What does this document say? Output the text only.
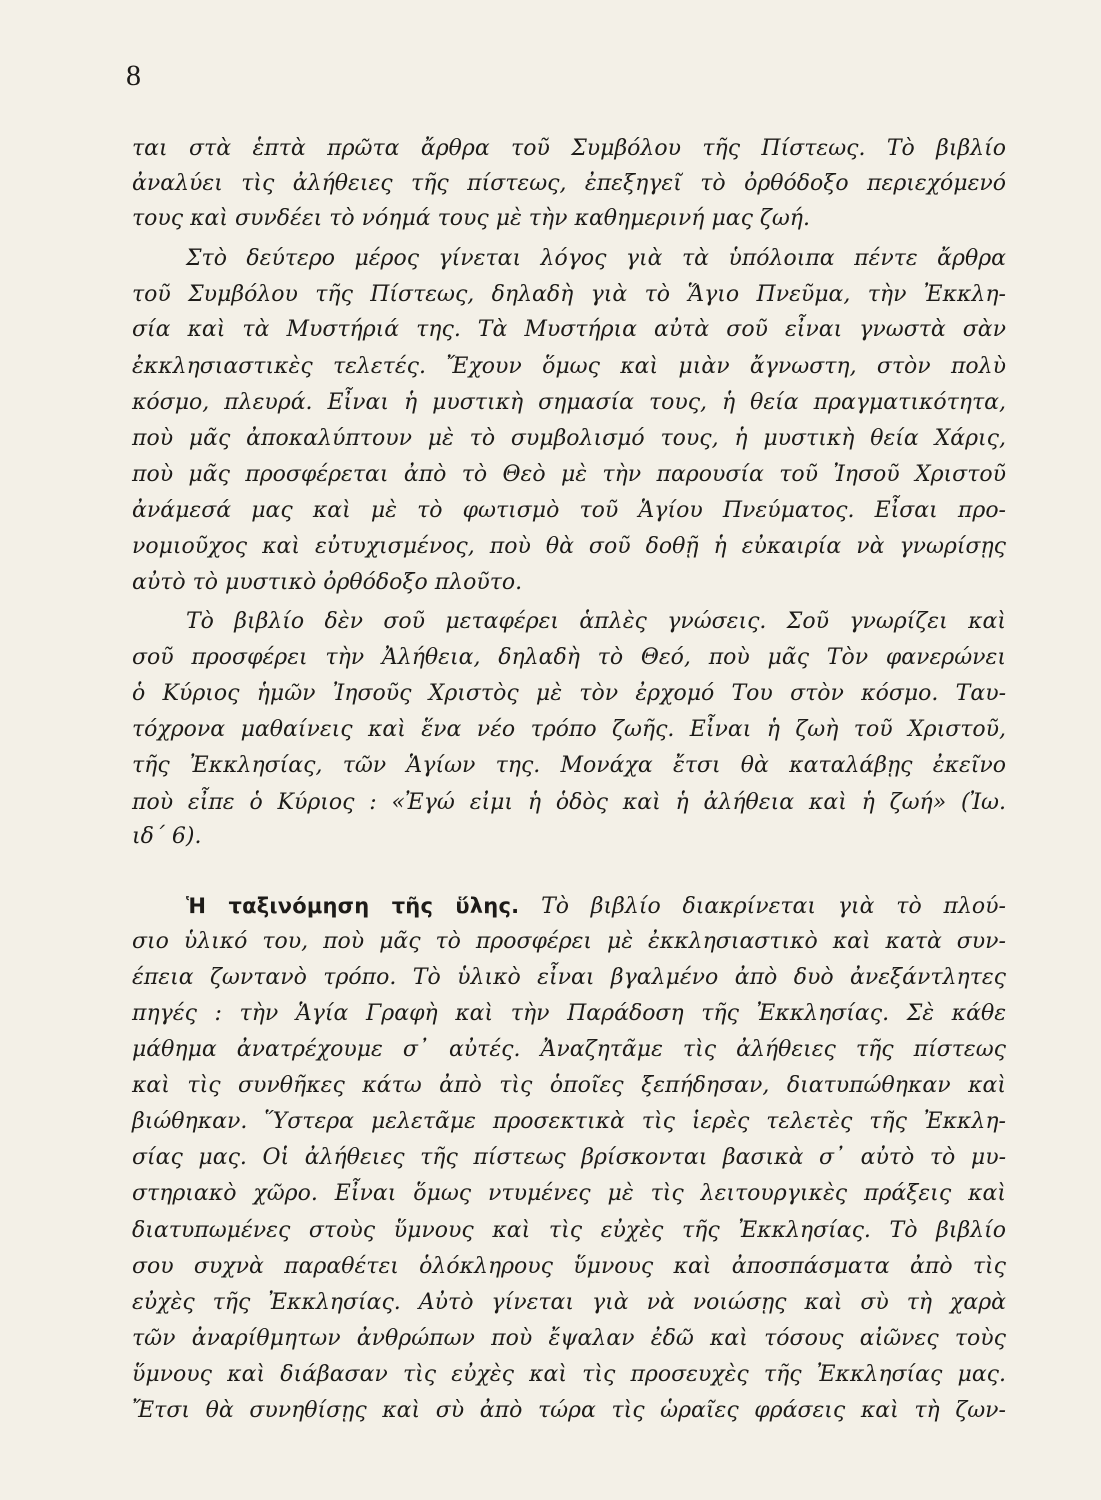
8
ται στὰ ἑπτὰ πρῶτα ἄρθρα τοῦ Συμβόλου τῆς Πίστεως. Τὸ βιβλίο
ἀναλύει τὶς ἀλήθειες τῆς πίστεως, ἐπεξηγεῖ τὸ ὀρθόδοξο περιεχόμενό
τους καὶ συνδέει τὸ νόημά τους μὲ τὴν καθημερινή μας ζωή.
Στὸ δεύτερο μέρος γίνεται λόγος γιὰ τὰ ὑπόλοιπα πέντε ἄρθρα
τοῦ Συμβόλου τῆς Πίστεως, δηλαδὴ γιὰ τὸ Ἅγιο Πνεῦμα, τὴν Ἐκκλη-
σία καὶ τὰ Μυστήριά της. Τὰ Μυστήρια αὐτὰ σοῦ εἶναι γνωστὰ σὰν
ἐκκλησιαστικὲς τελετές. Ἔχουν ὅμως καὶ μιὰν ἄγνωστη, στὸν πολὺ
κόσμο, πλευρά. Εἶναι ἡ μυστικὴ σημασία τους, ἡ θεία πραγματικότητα,
ποὺ μᾶς ἀποκαλύπτουν μὲ τὸ συμβολισμό τους, ἡ μυστικὴ θεία Χάρις,
ποὺ μᾶς προσφέρεται ἀπὸ τὸ Θεὸ μὲ τὴν παρουσία τοῦ Ἰησοῦ Χριστοῦ
ἀνάμεσά μας καὶ μὲ τὸ φωτισμὸ τοῦ Ἁγίου Πνεύματος. Εἶσαι προ-
νομιοῦχος καὶ εὐτυχισμένος, ποὺ θὰ σοῦ δοθῇ ἡ εὐκαιρία νὰ γνωρίσῃς
αὐτὸ τὸ μυστικὸ ὀρθόδοξο πλοῦτο.
Τὸ βιβλίο δὲν σοῦ μεταφέρει ἁπλὲς γνώσεις. Σοῦ γνωρίζει καὶ
σοῦ προσφέρει τὴν Ἀλήθεια, δηλαδὴ τὸ Θεό, ποὺ μᾶς Τὸν φανερώνει
ὁ Κύριος ἡμῶν Ἰησοῦς Χριστὸς μὲ τὸν ἐρχομό Του στὸν κόσμο. Ταυ-
τόχρονα μαθαίνεις καὶ ἕνα νέο τρόπο ζωῆς. Εἶναι ἡ ζωὴ τοῦ Χριστοῦ,
τῆς Ἐκκλησίας, τῶν Ἁγίων της. Μονάχα ἔτσι θὰ καταλάβῃς ἐκεῖνο
ποὺ εἶπε ὁ Κύριος : «Ἐγώ εἰμι ἡ ὁδὸς καὶ ἡ ἀλήθεια καὶ ἡ ζωή» (Ἰω.
ιδ´ 6).
Ἡ ταξινόμηση τῆς ὕλης. Τὸ βιβλίο διακρίνεται γιὰ τὸ πλού-
σιο ὑλικό του, ποὺ μᾶς τὸ προσφέρει μὲ ἐκκλησιαστικὸ καὶ κατὰ συν-
έπεια ζωντανὸ τρόπο. Τὸ ὑλικὸ εἶναι βγαλμένο ἀπὸ δυὸ ἀνεξάντλητες
πηγές : τὴν Ἁγία Γραφὴ καὶ τὴν Παράδοση τῆς Ἐκκλησίας. Σὲ κάθε
μάθημα ἀνατρέχουμε σ᾽ αὐτές. Ἀναζητᾶμε τὶς ἀλήθειες τῆς πίστεως
καὶ τὶς συνθῆκες κάτω ἀπὸ τὶς ὁποῖες ξεπήδησαν, διατυπώθηκαν καὶ
βιώθηκαν. Ὕστερα μελετᾶμε προσεκτικὰ τὶς ἱερὲς τελετὲς τῆς Ἐκκλη-
σίας μας. Οἱ ἀλήθειες τῆς πίστεως βρίσκονται βασικὰ σ᾽ αὐτὸ τὸ μυ-
στηριακὸ χῶρο. Εἶναι ὅμως ντυμένες μὲ τὶς λειτουργικὲς πράξεις καὶ
διατυπωμένες στοὺς ὕμνους καὶ τὶς εὐχὲς τῆς Ἐκκλησίας. Τὸ βιβλίο
σου συχνὰ παραθέτει ὁλόκληρους ὕμνους καὶ ἀποσπάσματα ἀπὸ τὶς
εὐχὲς τῆς Ἐκκλησίας. Αὐτὸ γίνεται γιὰ νὰ νοιώσῃς καὶ σὺ τὴ χαρὰ
τῶν ἀναρίθμητων ἀνθρώπων ποὺ ἔψαλαν ἐδῶ καὶ τόσους αἰῶνες τοὺς
ὕμνους καὶ διάβασαν τὶς εὐχὲς καὶ τὶς προσευχὲς τῆς Ἐκκλησίας μας.
Ἔτσι θὰ συνηθίσῃς καὶ σὺ ἀπὸ τώρα τὶς ὡραῖες φράσεις καὶ τὴ ζων-
